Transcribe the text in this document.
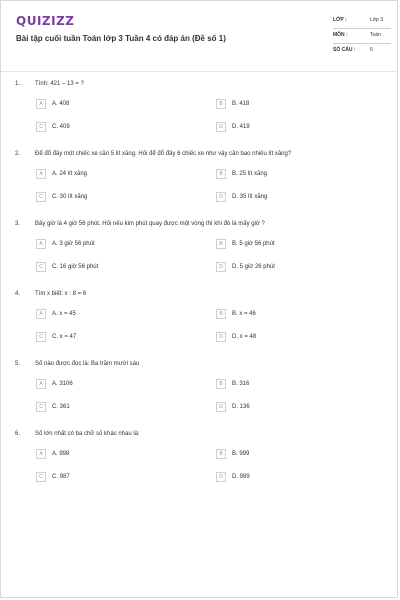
QUIZIZZ
Bài tập cuối tuần Toán lớp 3 Tuần 4 có đáp án (Đề số 1)
LỚP :	Lớp 3
MÔN :	Toán
SỐ CÂU :	6
1. Tính: 421 – 13 = ?
A	A. 408	B	B. 418
C	C. 409	D	D. 419
2. Để đổ đầy một chiếc xe cần 5 lít xăng. Hỏi để đổ đầy 6 chiếc xe như vậy cần bao nhiêu lít xăng?
A	A. 24 lít xăng	B	B. 25 lít xăng
C	C. 30 lít xăng	D	D. 35 lít xăng
3. Bây giờ là 4 giờ 56 phút. Hỏi nếu kim phút quay được một vòng thì khi đó là mấy giờ ?
A	A. 3 giờ 56 phút	B	B. 5 giờ 56 phút
C	C. 16 giờ 56 phút	D	D. 5 giờ 26 phút
4. Tìm x biết: x : 8 = 6
A	A. x = 45	B	B. x = 46
C	C. x = 47	D	D. x = 48
5. Số nào được đọc là: Ba trăm mười sáu
A	A. 3106	B	B. 316
C	C. 361	D	D. 136
6. Số lớn nhất có ba chữ số khác nhau là:
A	A. 998	B	B. 999
C	C. 987	D	D. 989
